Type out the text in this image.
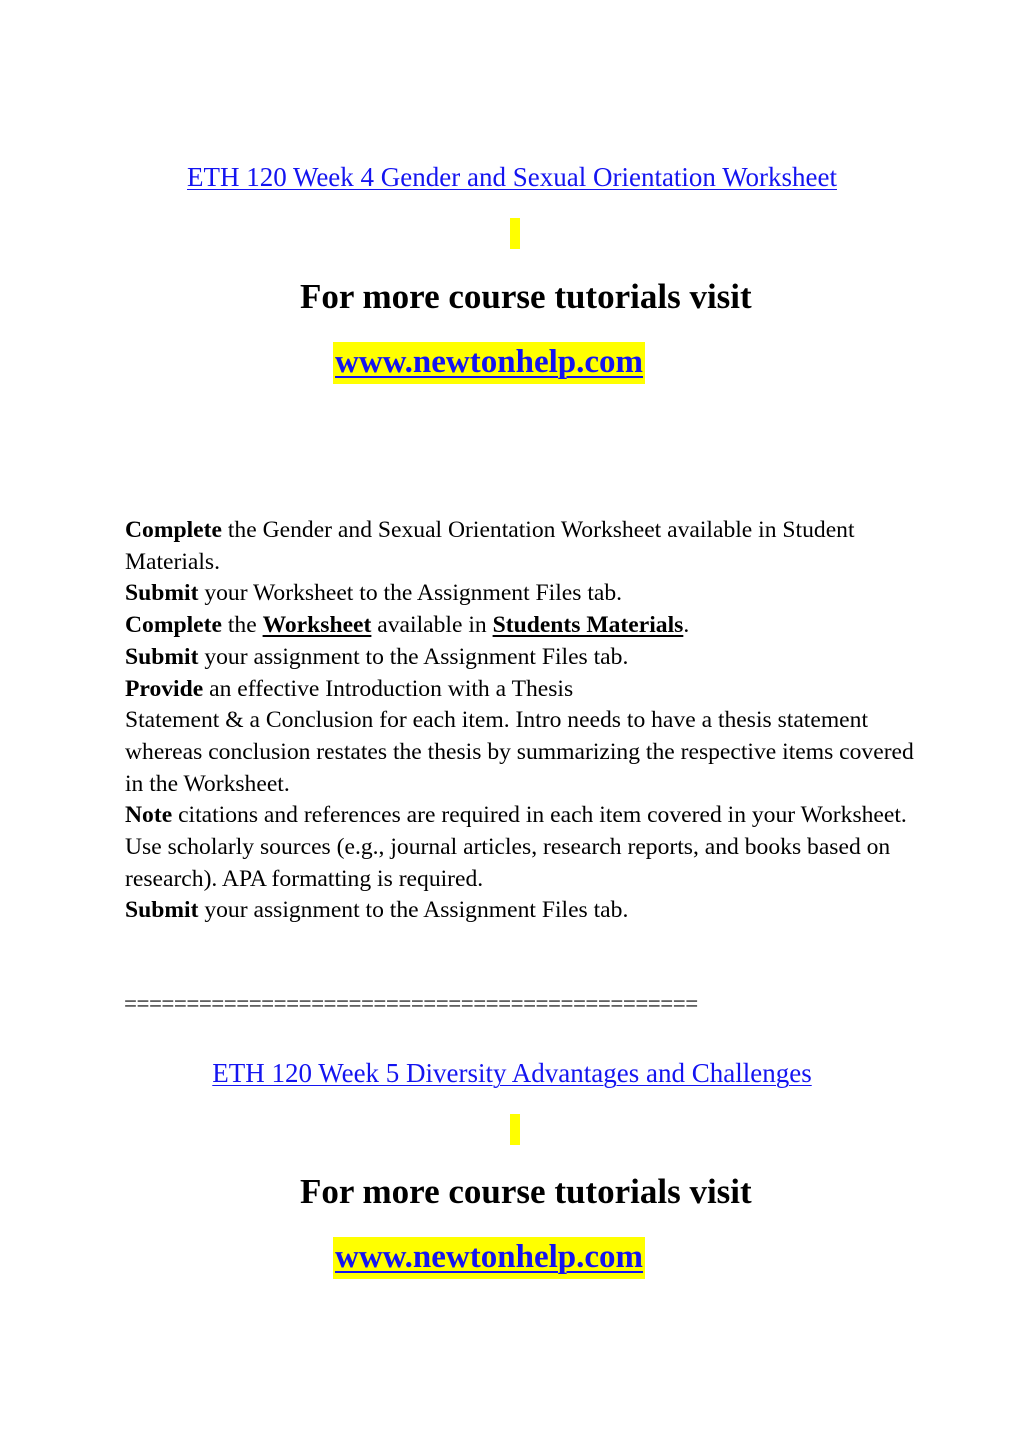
ETH 120 Week 4 Gender and Sexual Orientation Worksheet
For more course tutorials visit
www.newtonhelp.com

Complete the Gender and Sexual Orientation Worksheet available in Student Materials.

Submit your Worksheet to the Assignment Files tab.

Complete the Worksheet available in Students Materials.

Submit your assignment to the Assignment Files tab.

Provide an effective Introduction with a Thesis
Statement & a Conclusion for each item. Intro needs to have a thesis statement whereas conclusion restates the thesis by summarizing the respective items covered in the Worksheet.

Note citations and references are required in each item covered in your Worksheet. Use scholarly sources (e.g., journal articles, research reports, and books based on research). APA formatting is required.

Submit your assignment to the Assignment Files tab.

==============================================
ETH 120 Week 5 Diversity Advantages and Challenges
For more course tutorials visit
www.newtonhelp.com
